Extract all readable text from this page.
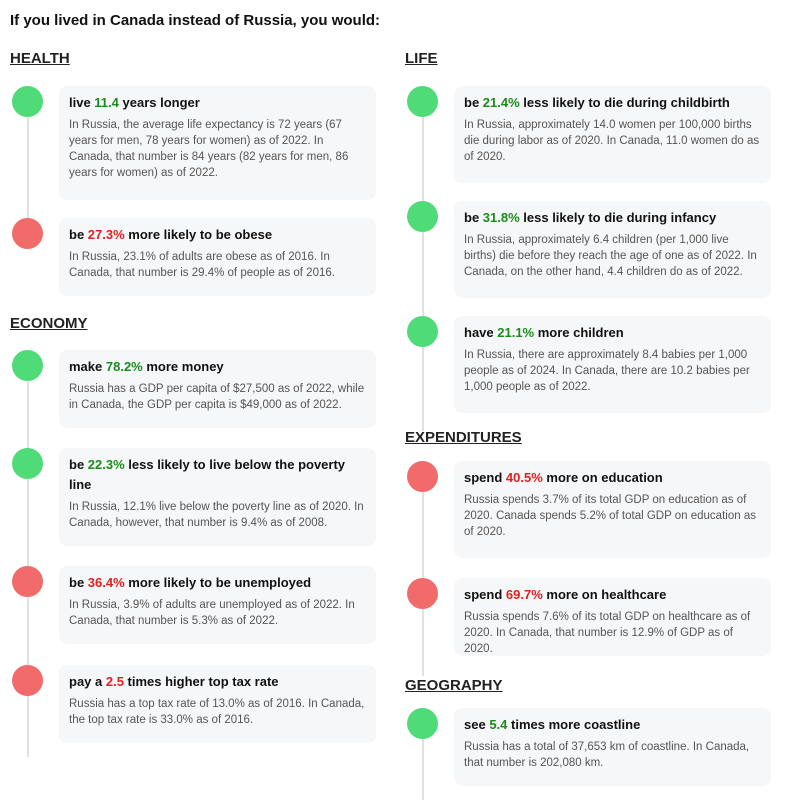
If you lived in Canada instead of Russia, you would:
HEALTH

live 11.4 years longer

In Russia, the average life expectancy is 72 years (67 years for men, 78 years for women) as of 2022. In Canada, that number is 84 years (82 years for men, 86 years for women) as of 2022.

be 27.3% more likely to be obese

In Russia, 23.1% of adults are obese as of 2016. In Canada, that number is 29.4% of people as of 2016.

ECONOMY

make 78.2% more money

Russia has a GDP per capita of $27,500 as of 2022, while in Canada, the GDP per capita is $49,000 as of 2022.

be 22.3% less likely to live below the poverty line

In Russia, 12.1% live below the poverty line as of 2020. In Canada, however, that number is 9.4% as of 2008.

be 36.4% more likely to be unemployed

In Russia, 3.9% of adults are unemployed as of 2022. In Canada, that number is 5.3% as of 2022.

pay a 2.5 times higher top tax rate

Russia has a top tax rate of 13.0% as of 2016. In Canada, the top tax rate is 33.0% as of 2016.

LIFE

be 21.4% less likely to die during childbirth

In Russia, approximately 14.0 women per 100,000 births die during labor as of 2020. In Canada, 11.0 women do as of 2020.

be 31.8% less likely to die during infancy

In Russia, approximately 6.4 children (per 1,000 live births) die before they reach the age of one as of 2022. In Canada, on the other hand, 4.4 children do as of 2022.

have 21.1% more children

In Russia, there are approximately 8.4 babies per 1,000 people as of 2024. In Canada, there are 10.2 babies per 1,000 people as of 2022.

EXPENDITURES

spend 40.5% more on education

Russia spends 3.7% of its total GDP on education as of 2020. Canada spends 5.2% of total GDP on education as of 2020.

spend 69.7% more on healthcare

Russia spends 7.6% of its total GDP on healthcare as of 2020. In Canada, that number is 12.9% of GDP as of 2020.

GEOGRAPHY

see 5.4 times more coastline

Russia has a total of 37,653 km of coastline. In Canada, that number is 202,080 km.
